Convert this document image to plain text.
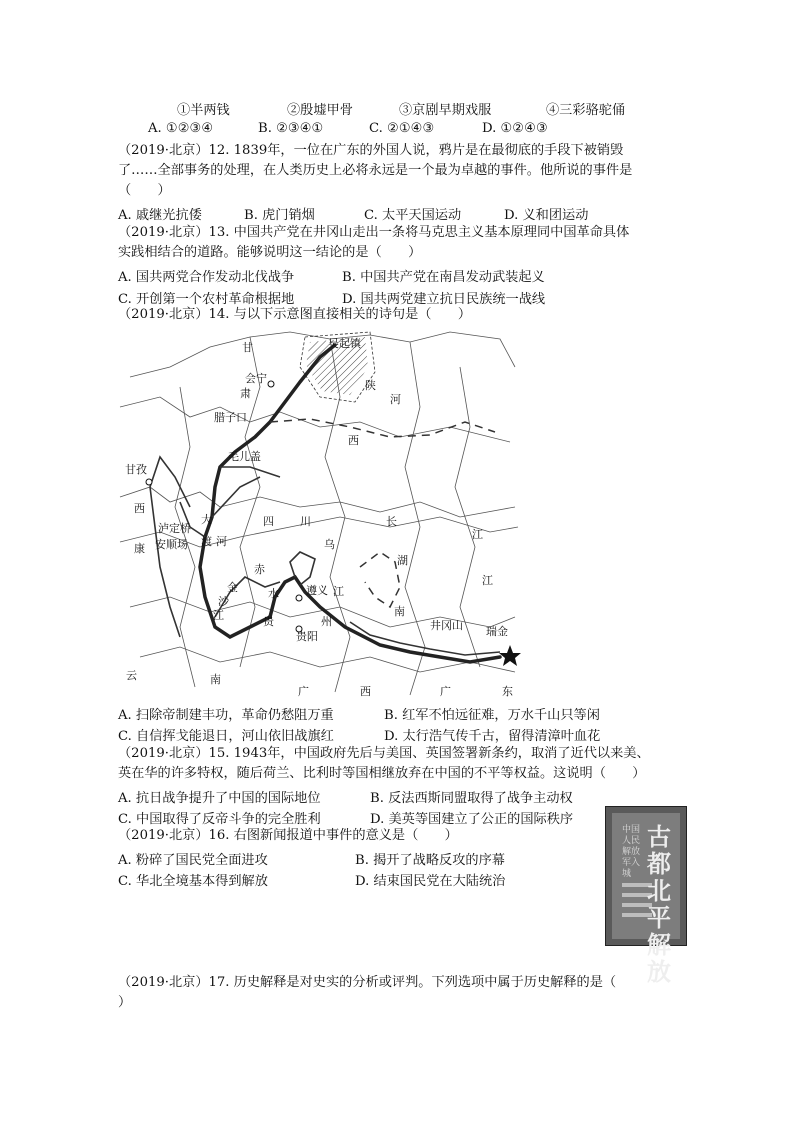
①半两钱	②殷墟甲骨	③京剧早期戏服	④三彩骆驼俑
A. ①②③④	B. ②③④①	C. ②①④③	D. ①②④③
（2019·北京）12. 1839年，一位在广东的外国人说，鸦片是在最彻底的手段下被销毁
了……全部事务的处理，在人类历史上必将永远是一个最为卓越的事件。他所说的事件是
（　　）
A. 戚继光抗倭	B. 虎门销烟	C. 太平天国运动	D. 义和团运动
（2019·北京）13. 中国共产党在井冈山走出一条将马克思主义基本原理同中国革命具体
实践相结合的道路。能够说明这一结论的是（　　）
A. 国共两党合作发动北伐战争	B. 中国共产党在南昌发动武装起义
C. 开创第一个农村革命根据地	D. 国共两党建立抗日民族统一战线
（2019·北京）14. 与以下示意图直接相关的诗句是（　　）
甘	吴起镇
会宁
肃
陕
河
腊子口
西
毛儿盖
甘孜
西
泸定桥
安顺场
康
大
渡 河
四 川	长
江
乌
湖
江
赤
水 遵义 江
金
沙
江	贵
贵阳
州
南
井冈山 瑞金
云	南
广	西	广	东
A. 扫除帝制建丰功，革命仍愁阻万重	B. 红军不怕远征难，万水千山只等闲
C. 自信挥戈能退日，河山依旧战旗红	D. 太行浩气传千古，留得清漳叶血花
（2019·北京）15. 1943年，中国政府先后与美国、英国签署新条约，取消了近代以来美、
英在华的许多特权，随后荷兰、比利时等国相继放弃在中国的不平等权益。这说明（　　）
A. 抗日战争提升了中国的国际地位	B. 反法西斯同盟取得了战争主动权
C. 中国取得了反帝斗争的完全胜利	D. 美英等国建立了公正的国际秩序
（2019·北京）16. 右图新闻报道中事件的意义是（　　）
A. 粉碎了国民党全面进攻	B. 揭开了战略反攻的序幕
C. 华北全境基本得到解放	D. 结束国民党在大陆统治
中国人民解放军入城
古都北平解放
（2019·北京）17. 历史解释是对史实的分析或评判。下列选项中属于历史解释的是（
）
